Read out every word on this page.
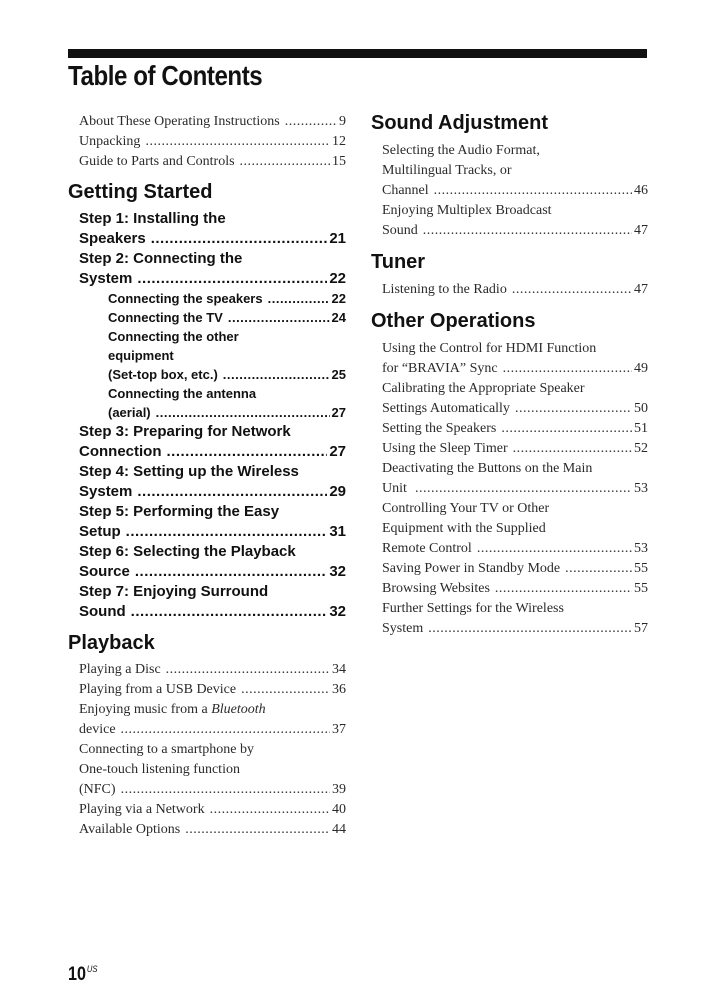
Table of Contents
About These Operating Instructions .....	9
Unpacking .....	12
Guide to Parts and Controls .....	15
Getting Started
Step 1: Installing the
Speakers .....	21
Step 2: Connecting the
System .....	22
Connecting the speakers .....	22
Connecting the TV .....	24
Connecting the other
equipment
(Set-top box, etc.) .....	25
Connecting the antenna
(aerial) .....	27
Step 3: Preparing for Network
Connection .....	27
Step 4: Setting up the Wireless
System .....	29
Step 5: Performing the Easy
Setup .....	31
Step 6: Selecting the Playback
Source .....	32
Step 7: Enjoying Surround
Sound .....	32
Playback
Playing a Disc .....	34
Playing from a USB Device .....	36
Enjoying music from a Bluetooth
device .....	37
Connecting to a smartphone by
One-touch listening function
(NFC) .....	39
Playing via a Network .....	40
Available Options .....	44
Sound Adjustment
Selecting the Audio Format,
Multilingual Tracks, or
Channel .....	46
Enjoying Multiplex Broadcast
Sound .....	47
Tuner
Listening to the Radio .....	47
Other Operations
Using the Control for HDMI Function
for “BRAVIA” Sync .....	49
Calibrating the Appropriate Speaker
Settings Automatically .....	50
Setting the Speakers .....	51
Using the Sleep Timer .....	52
Deactivating the Buttons on the Main
Unit .....	53
Controlling Your TV or Other
Equipment with the Supplied
Remote Control .....	53
Saving Power in Standby Mode .....	55
Browsing Websites .....	55
Further Settings for the Wireless
System .....	57
$10^{US}$
